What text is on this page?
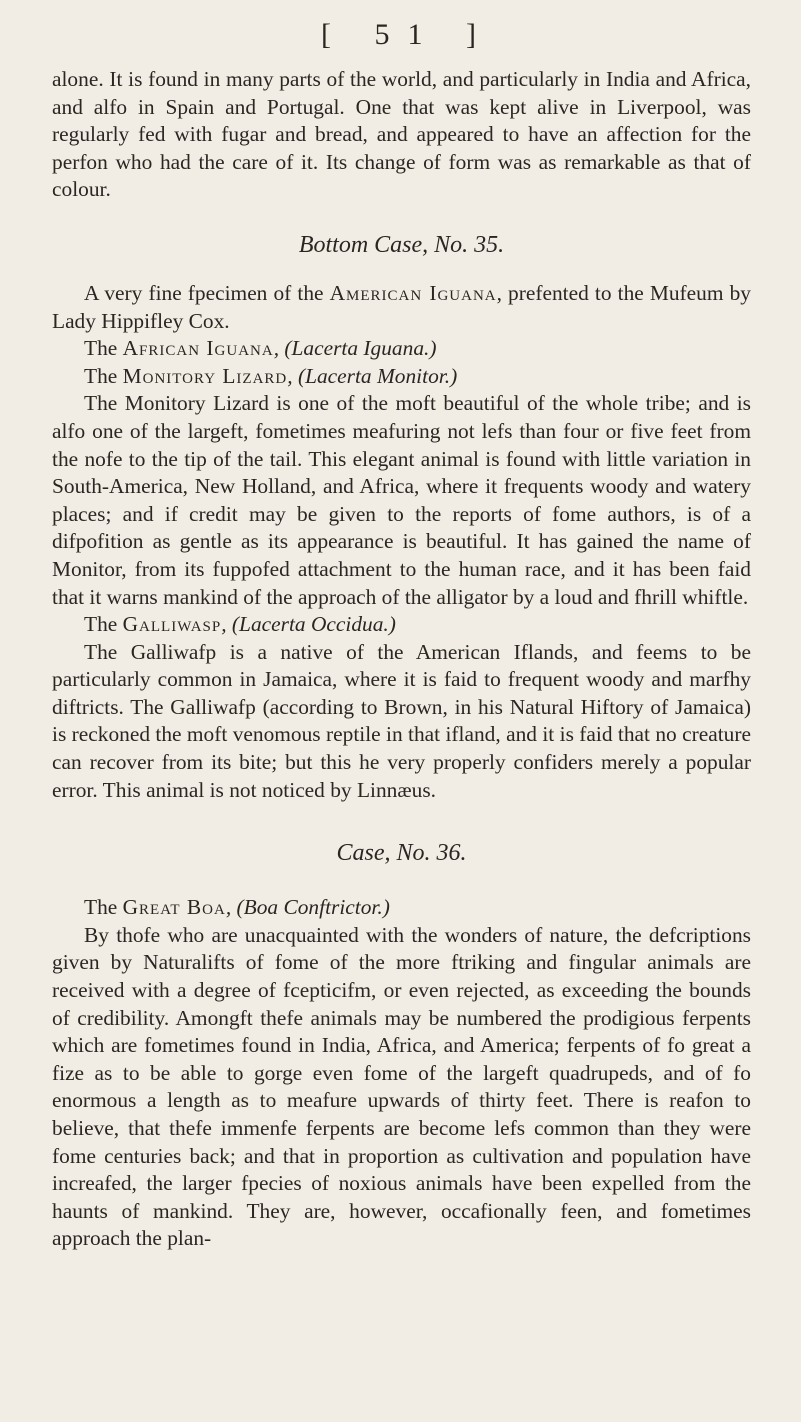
[ 51 ]

alone. It is found in many parts of the world, and particularly in India and Africa, and alfo in Spain and Portugal. One that was kept alive in Liverpool, was regularly fed with fugar and bread, and appeared to have an affection for the perfon who had the care of it. Its change of form was as remarkable as that of colour.

Bottom Case, No. 35.

A very fine fpecimen of the American Iguana, prefented to the Mufeum by Lady Hippifley Cox.

The African Iguana, (Lacerta Iguana.)

The Monitory Lizard, (Lacerta Monitor.)

The Monitory Lizard is one of the moft beautiful of the whole tribe; and is alfo one of the largeft, fometimes meafuring not lefs than four or five feet from the nofe to the tip of the tail. This elegant animal is found with little variation in South-America, New Holland, and Africa, where it frequents woody and watery places; and if credit may be given to the reports of fome authors, is of a difpofition as gentle as its appearance is beautiful. It has gained the name of Monitor, from its fuppofed attachment to the human race, and it has been faid that it warns mankind of the approach of the alligator by a loud and fhrill whiftle.

The Galliwasp, (Lacerta Occidua.)

The Galliwafp is a native of the American Iflands, and feems to be particularly common in Jamaica, where it is faid to frequent woody and marfhy diftricts. The Galliwafp (according to Brown, in his Natural Hiftory of Jamaica) is reckoned the moft venomous reptile in that ifland, and it is faid that no creature can recover from its bite; but this he very properly confiders merely a popular error. This animal is not noticed by Linnæus.

Case, No. 36.

The Great Boa, (Boa Conftrictor.)

By thofe who are unacquainted with the wonders of nature, the defcriptions given by Naturalifts of fome of the more ftriking and fingular animals are received with a degree of fcepticifm, or even rejected, as exceeding the bounds of credibility. Amongft thefe animals may be numbered the prodigious ferpents which are fometimes found in India, Africa, and America; ferpents of fo great a fize as to be able to gorge even fome of the largeft quadrupeds, and of fo enormous a length as to meafure upwards of thirty feet. There is reafon to believe, that thefe immenfe ferpents are become lefs common than they were fome centuries back; and that in proportion as cultivation and population have increafed, the larger fpecies of noxious animals have been expelled from the haunts of mankind. They are, however, occafionally feen, and fometimes approach the plan-
